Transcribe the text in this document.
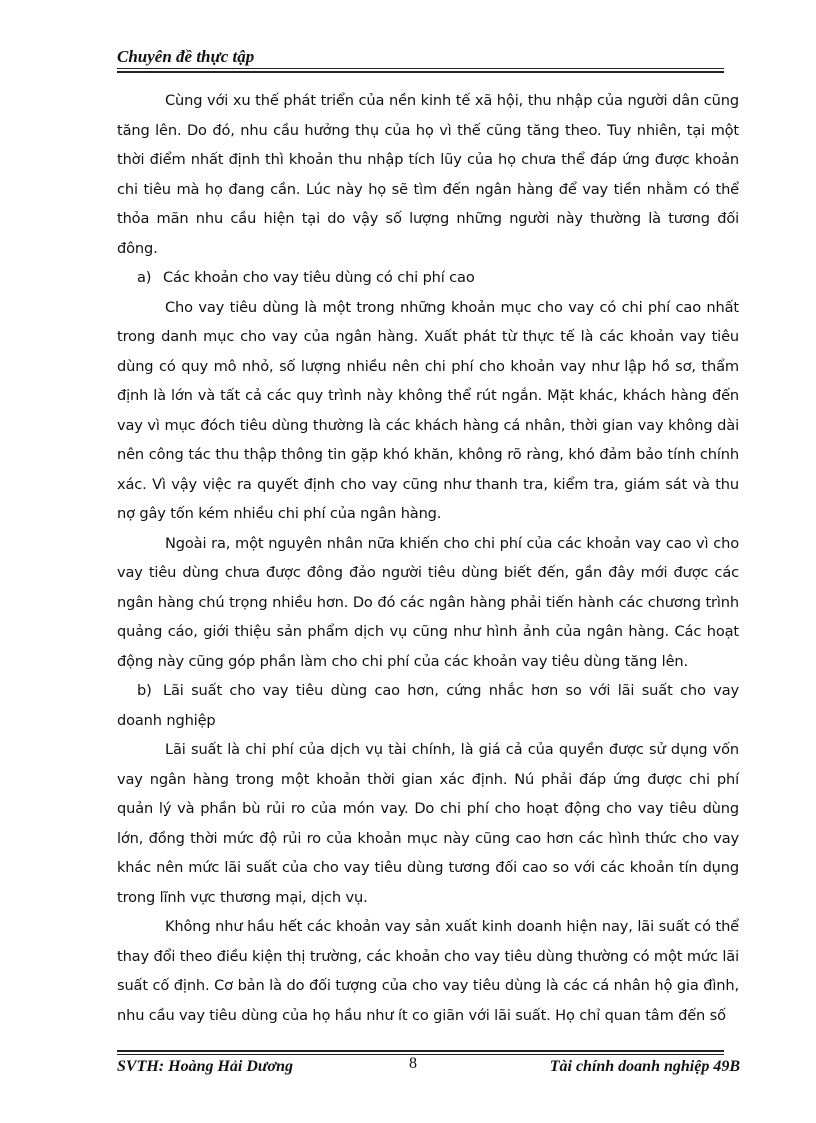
Chuyên đề thực tập

Cùng với xu thế phát triển của nền kinh tế xã hội, thu nhập của người dân cũng tăng lên. Do đó, nhu cầu hưởng thụ của họ vì thế cũng tăng theo. Tuy nhiên, tại một thời điểm nhất định thì khoản thu nhập tích lũy của họ chưa thể đáp ứng được khoản chi tiêu mà họ đang cần. Lúc này họ sẽ tìm đến ngân hàng để vay tiền nhằm có thể thỏa mãn nhu cầu hiện tại do vậy số lượng những người này thường là tương đối đông.

a) Các khoản cho vay tiêu dùng có chi phí cao

Cho vay tiêu dùng là một trong những khoản mục cho vay có chi phí cao nhất trong danh mục cho vay của ngân hàng. Xuất phát từ thực tế là các khoản vay tiêu dùng có quy mô nhỏ, số lượng nhiều nên chi phí cho khoản vay như lập hồ sơ, thẩm định là lớn và tất cả các quy trình này không thể rút ngắn. Mặt khác, khách hàng đến vay vì mục đóch tiêu dùng thường là các khách hàng cá nhân, thời gian vay không dài nên công tác thu thập thông tin gặp khó khăn, không rõ ràng, khó đảm bảo tính chính xác. Vì vậy việc ra quyết định cho vay cũng như thanh tra, kiểm tra, giám sát và thu nợ gây tốn kém nhiều chi phí của ngân hàng.

Ngoài ra, một nguyên nhân nữa khiến cho chi phí của các khoản vay cao vì cho vay tiêu dùng chưa được đông đảo người tiêu dùng biết đến, gần đây mới được các ngân hàng chú trọng nhiều hơn. Do đó các ngân hàng phải tiến hành các chương trình quảng cáo, giới thiệu sản phẩm dịch vụ cũng như hình ảnh của ngân hàng. Các hoạt động này cũng góp phần làm cho chi phí của các khoản vay tiêu dùng tăng lên.

b) Lãi suất cho vay tiêu dùng cao hơn, cứng nhắc hơn so với lãi suất cho vay doanh nghiệp

Lãi suất là chi phí của dịch vụ tài chính, là giá cả của quyền được sử dụng vốn vay ngân hàng trong một khoản thời gian xác định. Nú phải đáp ứng được chi phí quản lý và phần bù rủi ro của món vay. Do chi phí cho hoạt động cho vay tiêu dùng lớn, đồng thời mức độ rủi ro của khoản mục này cũng cao hơn các hình thức cho vay khác nên mức lãi suất của cho vay tiêu dùng tương đối cao so với các khoản tín dụng trong lĩnh vực thương mại, dịch vụ.

Không như hầu hết các khoản vay sản xuất kinh doanh hiện nay, lãi suất có thể thay đổi theo điều kiện thị trường, các khoản cho vay tiêu dùng thường có một mức lãi suất cố định. Cơ bản là do đối tượng của cho vay tiêu dùng là các cá nhân hộ gia đình, nhu cầu vay tiêu dùng của họ hầu như ít co giãn với lãi suất. Họ chỉ quan tâm đến số

SVTH: Hoàng Hải Dương	8	Tài chính doanh nghiệp 49B
